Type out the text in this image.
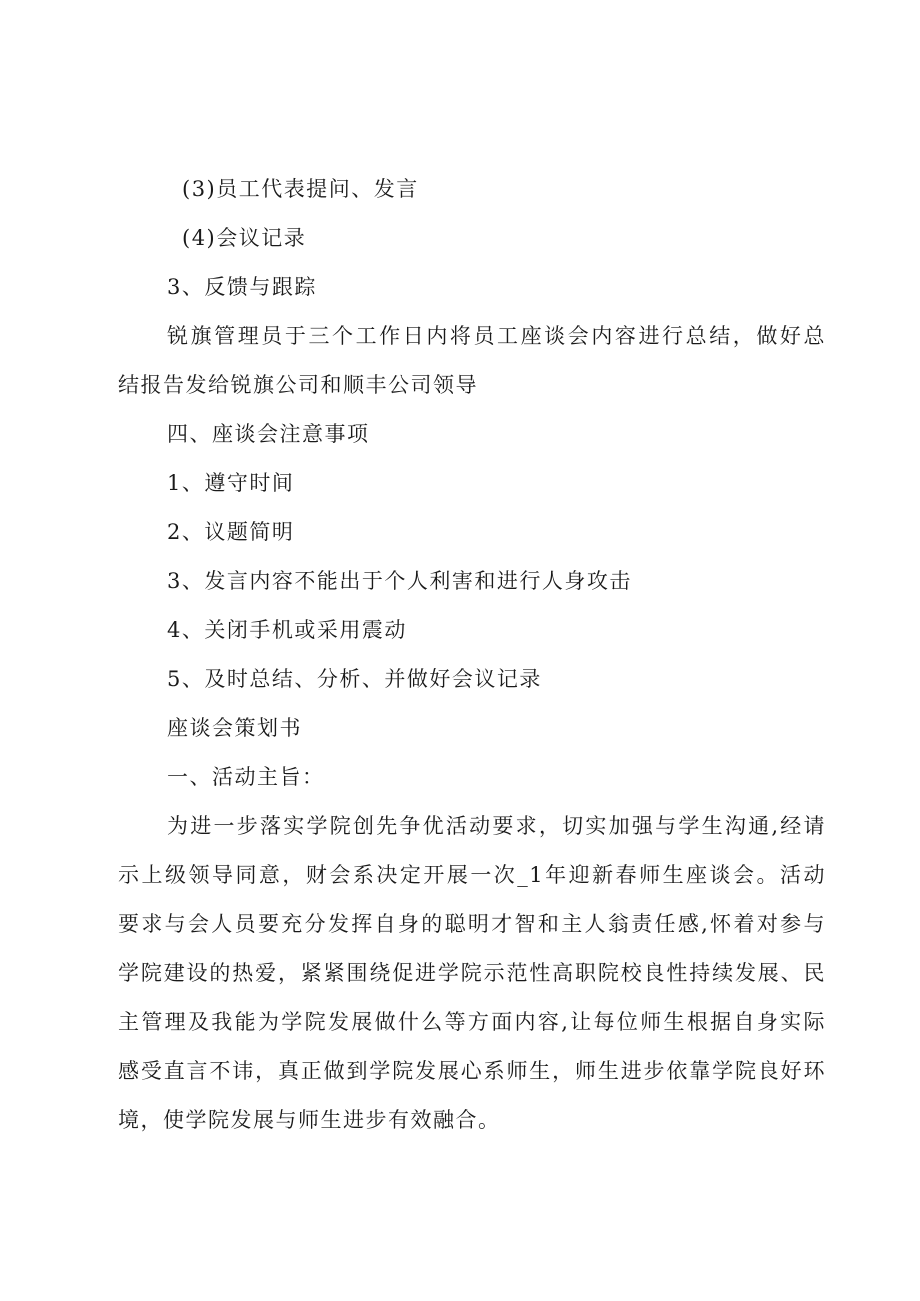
(3)员工代表提问、发言
(4)会议记录
3、反馈与跟踪
锐旗管理员于三个工作日内将员工座谈会内容进行总结，做好总
结报告发给锐旗公司和顺丰公司领导
四、座谈会注意事项
1、遵守时间
2、议题简明
3、发言内容不能出于个人利害和进行人身攻击
4、关闭手机或采用震动
5、及时总结、分析、并做好会议记录
座谈会策划书
一、活动主旨：
为进一步落实学院创先争优活动要求，切实加强与学生沟通,经请
示上级领导同意，财会系决定开展一次_1年迎新春师生座谈会。活动
要求与会人员要充分发挥自身的聪明才智和主人翁责任感,怀着对参与
学院建设的热爱，紧紧围绕促进学院示范性高职院校良性持续发展、民
主管理及我能为学院发展做什么等方面内容,让每位师生根据自身实际
感受直言不讳，真正做到学院发展心系师生，师生进步依靠学院良好环
境，使学院发展与师生进步有效融合。
